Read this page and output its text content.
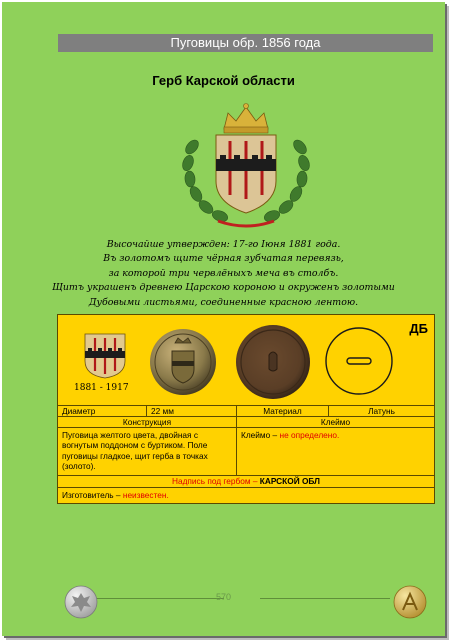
Пуговицы обр. 1856 года
Герб Карской области
Высочайше утвержден: 17-го Іюня 1881 года.
Въ золотомъ щите чёрная зубчатая перевязь,
за которой три червлёныхъ меча въ столбъ.
Щитъ украшенъ древнею Царскою короною и окруженъ золотыми
Дубовыми листьями, соединенные красною лентою.
ДБ
1881 - 1917
Диаметр	22 мм	Материал	Латунь
Конструкция	Клеймо
Пуговица желтого цвета, двойная с вогнутым поддоном с буртиком. Поле пуговицы гладкое, щит герба в точках (золото).
Клеймо – не определено.
Надпись под гербом – КАРСКОЙ ОБЛ
Изготовитель – неизвестен.
570
